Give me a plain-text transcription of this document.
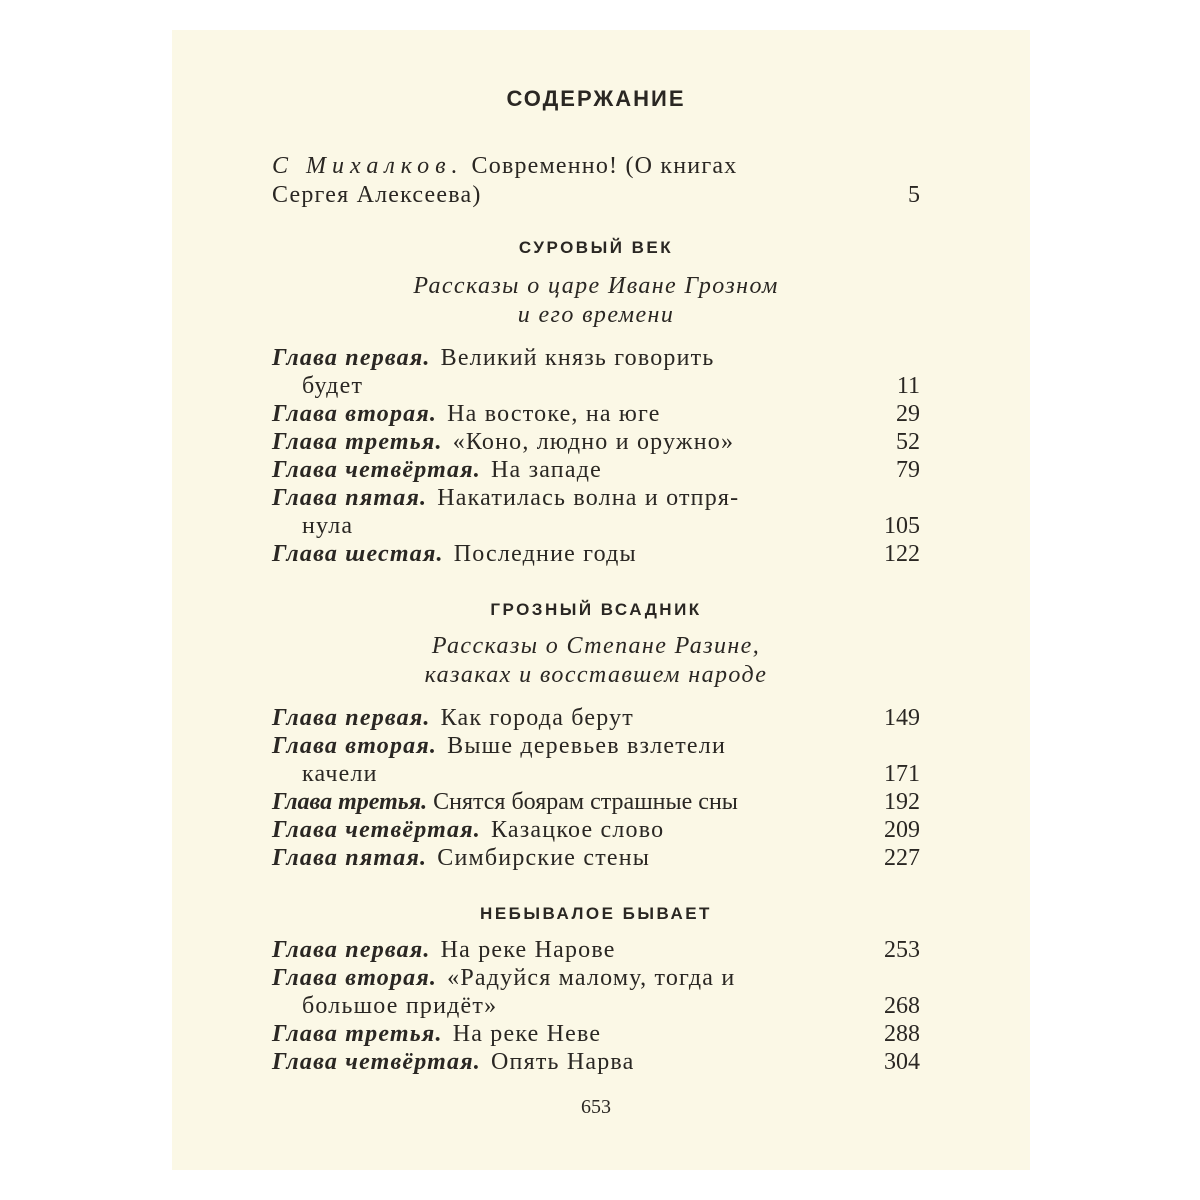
СОДЕРЖАНИЕ
С Михалков. Современно! (О книгах
Сергея Алексеева)	5
СУРОВЫЙ ВЕК
Рассказы о царе Иване Грозном
и его времени
Глава первая. Великий князь говорить
будет	11
Глава вторая. На востоке, на юге	29
Глава третья. «Коно, людно и оружно»	52
Глава четвёртая. На западе	79
Глава пятая. Накатилась волна и отпря-
нула	105
Глава шестая. Последние годы	122
ГРОЗНЫЙ ВСАДНИК
Рассказы о Степане Разине,
казаках и восставшем народе
Глава первая. Как города берут	149
Глава вторая. Выше деревьев взлетели
качели	171
Глава третья. Снятся боярам страшные сны	192
Глава четвёртая. Казацкое слово	209
Глава пятая. Симбирские стены	227
НЕБЫВАЛОЕ БЫВАЕТ
Глава первая. На реке Нарове	253
Глава вторая. «Радуйся малому, тогда и
большое придёт»	268
Глава третья. На реке Неве	288
Глава четвёртая. Опять Нарва	304
653
